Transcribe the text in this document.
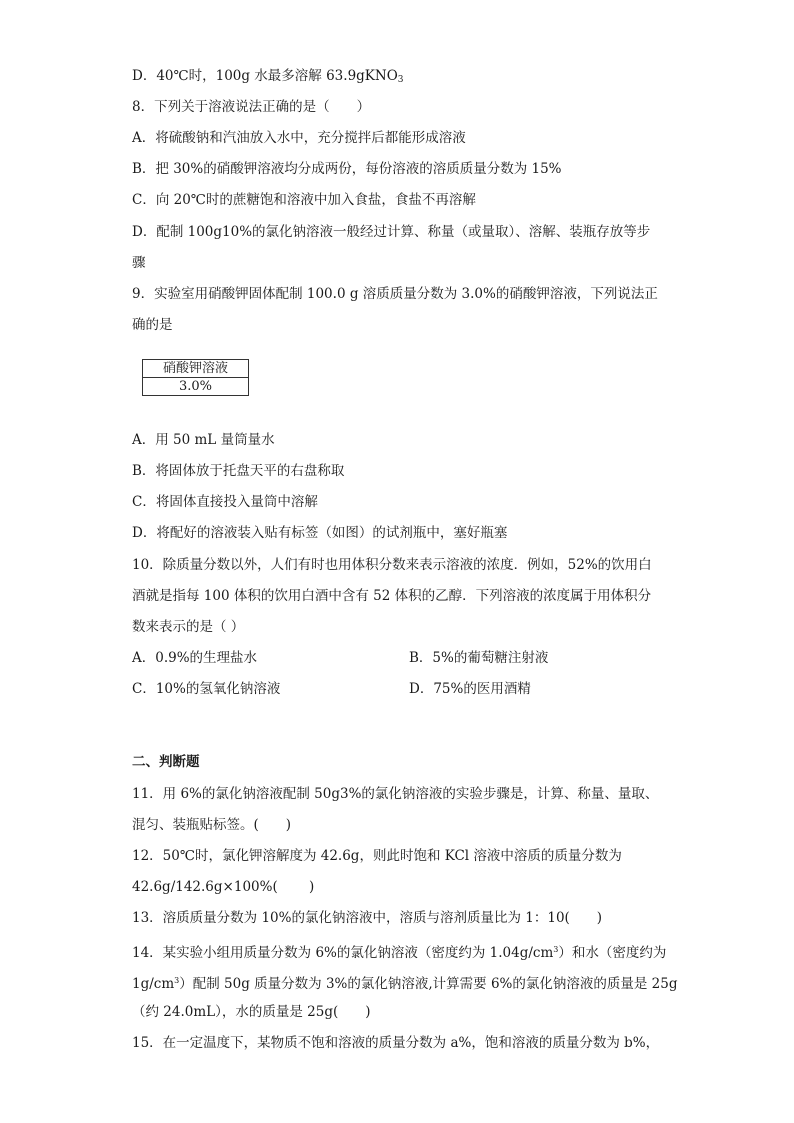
D．40℃时，100g 水最多溶解 63.9gKNO$_3$
8．下列关于溶液说法正确的是（　　）
A．将硫酸钠和汽油放入水中，充分搅拌后都能形成溶液
B．把 30%的硝酸钾溶液均分成两份，每份溶液的溶质质量分数为 15%
C．向 20℃时的蔗糖饱和溶液中加入食盐，食盐不再溶解
D．配制 100g10%的氯化钠溶液一般经过计算、称量（或量取）、溶解、装瓶存放等步
骤
9．实验室用硝酸钾固体配制 100.0 g 溶质质量分数为 3.0%的硝酸钾溶液，下列说法正
确的是
硝酸钾溶液
3.0%
A．用 50 mL 量筒量水
B．将固体放于托盘天平的右盘称取
C．将固体直接投入量筒中溶解
D．将配好的溶液装入贴有标签（如图）的试剂瓶中，塞好瓶塞
10．除质量分数以外，人们有时也用体积分数来表示溶液的浓度．例如，52%的饮用白
酒就是指每 100 体积的饮用白酒中含有 52 体积的乙醇．下列溶液的浓度属于用体积分
数来表示的是（ ）
A．0.9%的生理盐水	B．5%的葡萄糖注射液
C．10%的氢氧化钠溶液	D．75%的医用酒精
二、判断题
11．用 6%的氯化钠溶液配制 50g3%的氯化钠溶液的实验步骤是，计算、称量、量取、
混匀、装瓶贴标签。(　　)
12．50℃时，氯化钾溶解度为 42.6g，则此时饱和 KCl 溶液中溶质的质量分数为
42.6g/142.6g×100%(　　 )
13．溶质质量分数为 10%的氯化钠溶液中，溶质与溶剂质量比为 1：10(　　)
14．某实验小组用质量分数为 6%的氯化钠溶液（密度约为 $1.04g/cm^3$）和水（密度约为
$1g/cm^3$）配制 50g 质量分数为 3%的氯化钠溶液,计算需要 6%的氯化钠溶液的质量是 25g
（约 24.0mL），水的质量是 25g(　　)
15．在一定温度下，某物质不饱和溶液的质量分数为 a%，饱和溶液的质量分数为 b%，
